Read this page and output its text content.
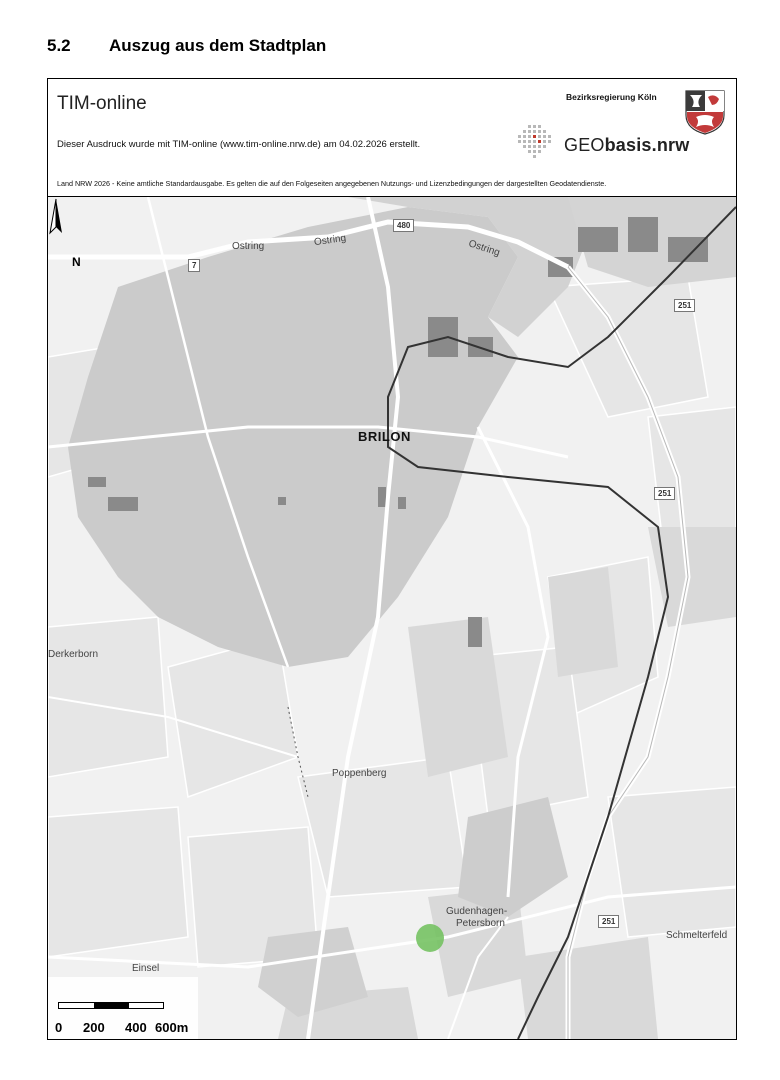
5.2 Auszug aus dem Stadtplan
TIM-online
Dieser Ausdruck wurde mit TIM-online (www.tim-online.nrw.de) am 04.02.2026 erstellt.
Land NRW 2026 - Keine amtliche Standardausgabe. Es gelten die auf den Folgeseiten angegebenen Nutzungs- und Lizenzbedingungen der dargestellten Geodatendienste.
Bezirksregierung Köln
GEObasis.nrw
N
BRILON
Derkerborn
Poppenberg
Gudenhagen-
Petersborn
Schmelterfeld
Einsel
Ostring	Ostring	Ostring
7
480
251
251
251
0 200 400 600m
